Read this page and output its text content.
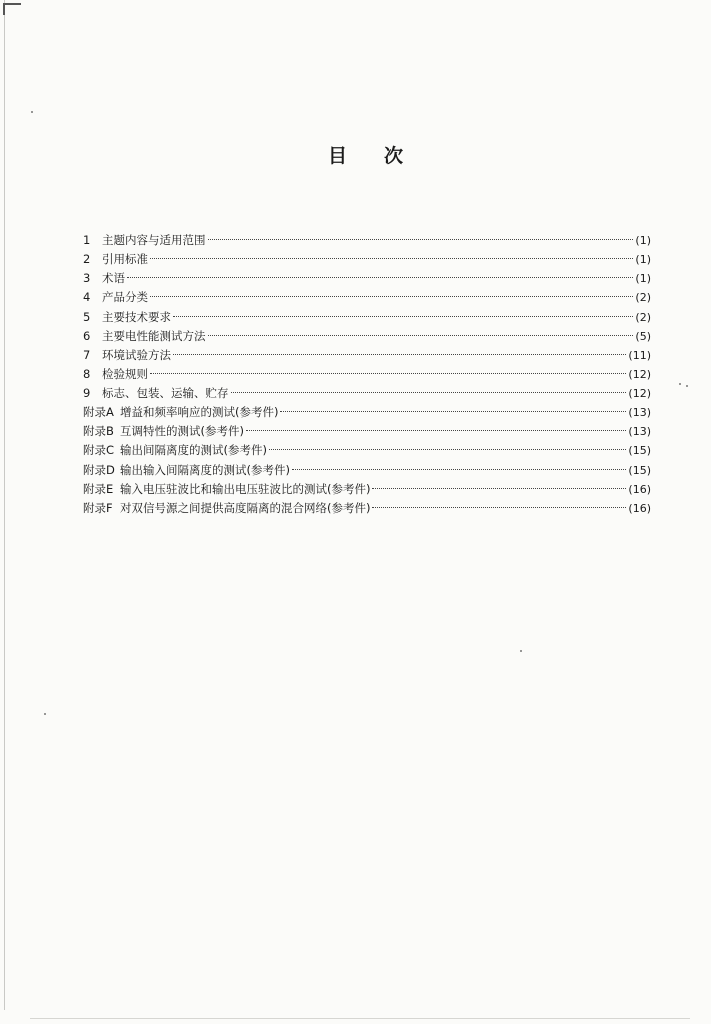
目 次
1	主题内容与适用范围	(1)
2	引用标准	(1)
3	术语	(1)
4	产品分类	(2)
5	主要技术要求	(2)
6	主要电性能测试方法	(5)
7	环境试验方法	(11)
8	检验规则	(12)
9	标志、包装、运输、贮存	(12)
附录A 增益和频率响应的测试(参考件)	(13)
附录B 互调特性的测试(参考件)	(13)
附录C 输出间隔离度的测试(参考件)	(15)
附录D 输出输入间隔离度的测试(参考件)	(15)
附录E 输入电压驻波比和输出电压驻波比的测试(参考件)	(16)
附录F 对双信号源之间提供高度隔离的混合网络(参考件)	(16)
